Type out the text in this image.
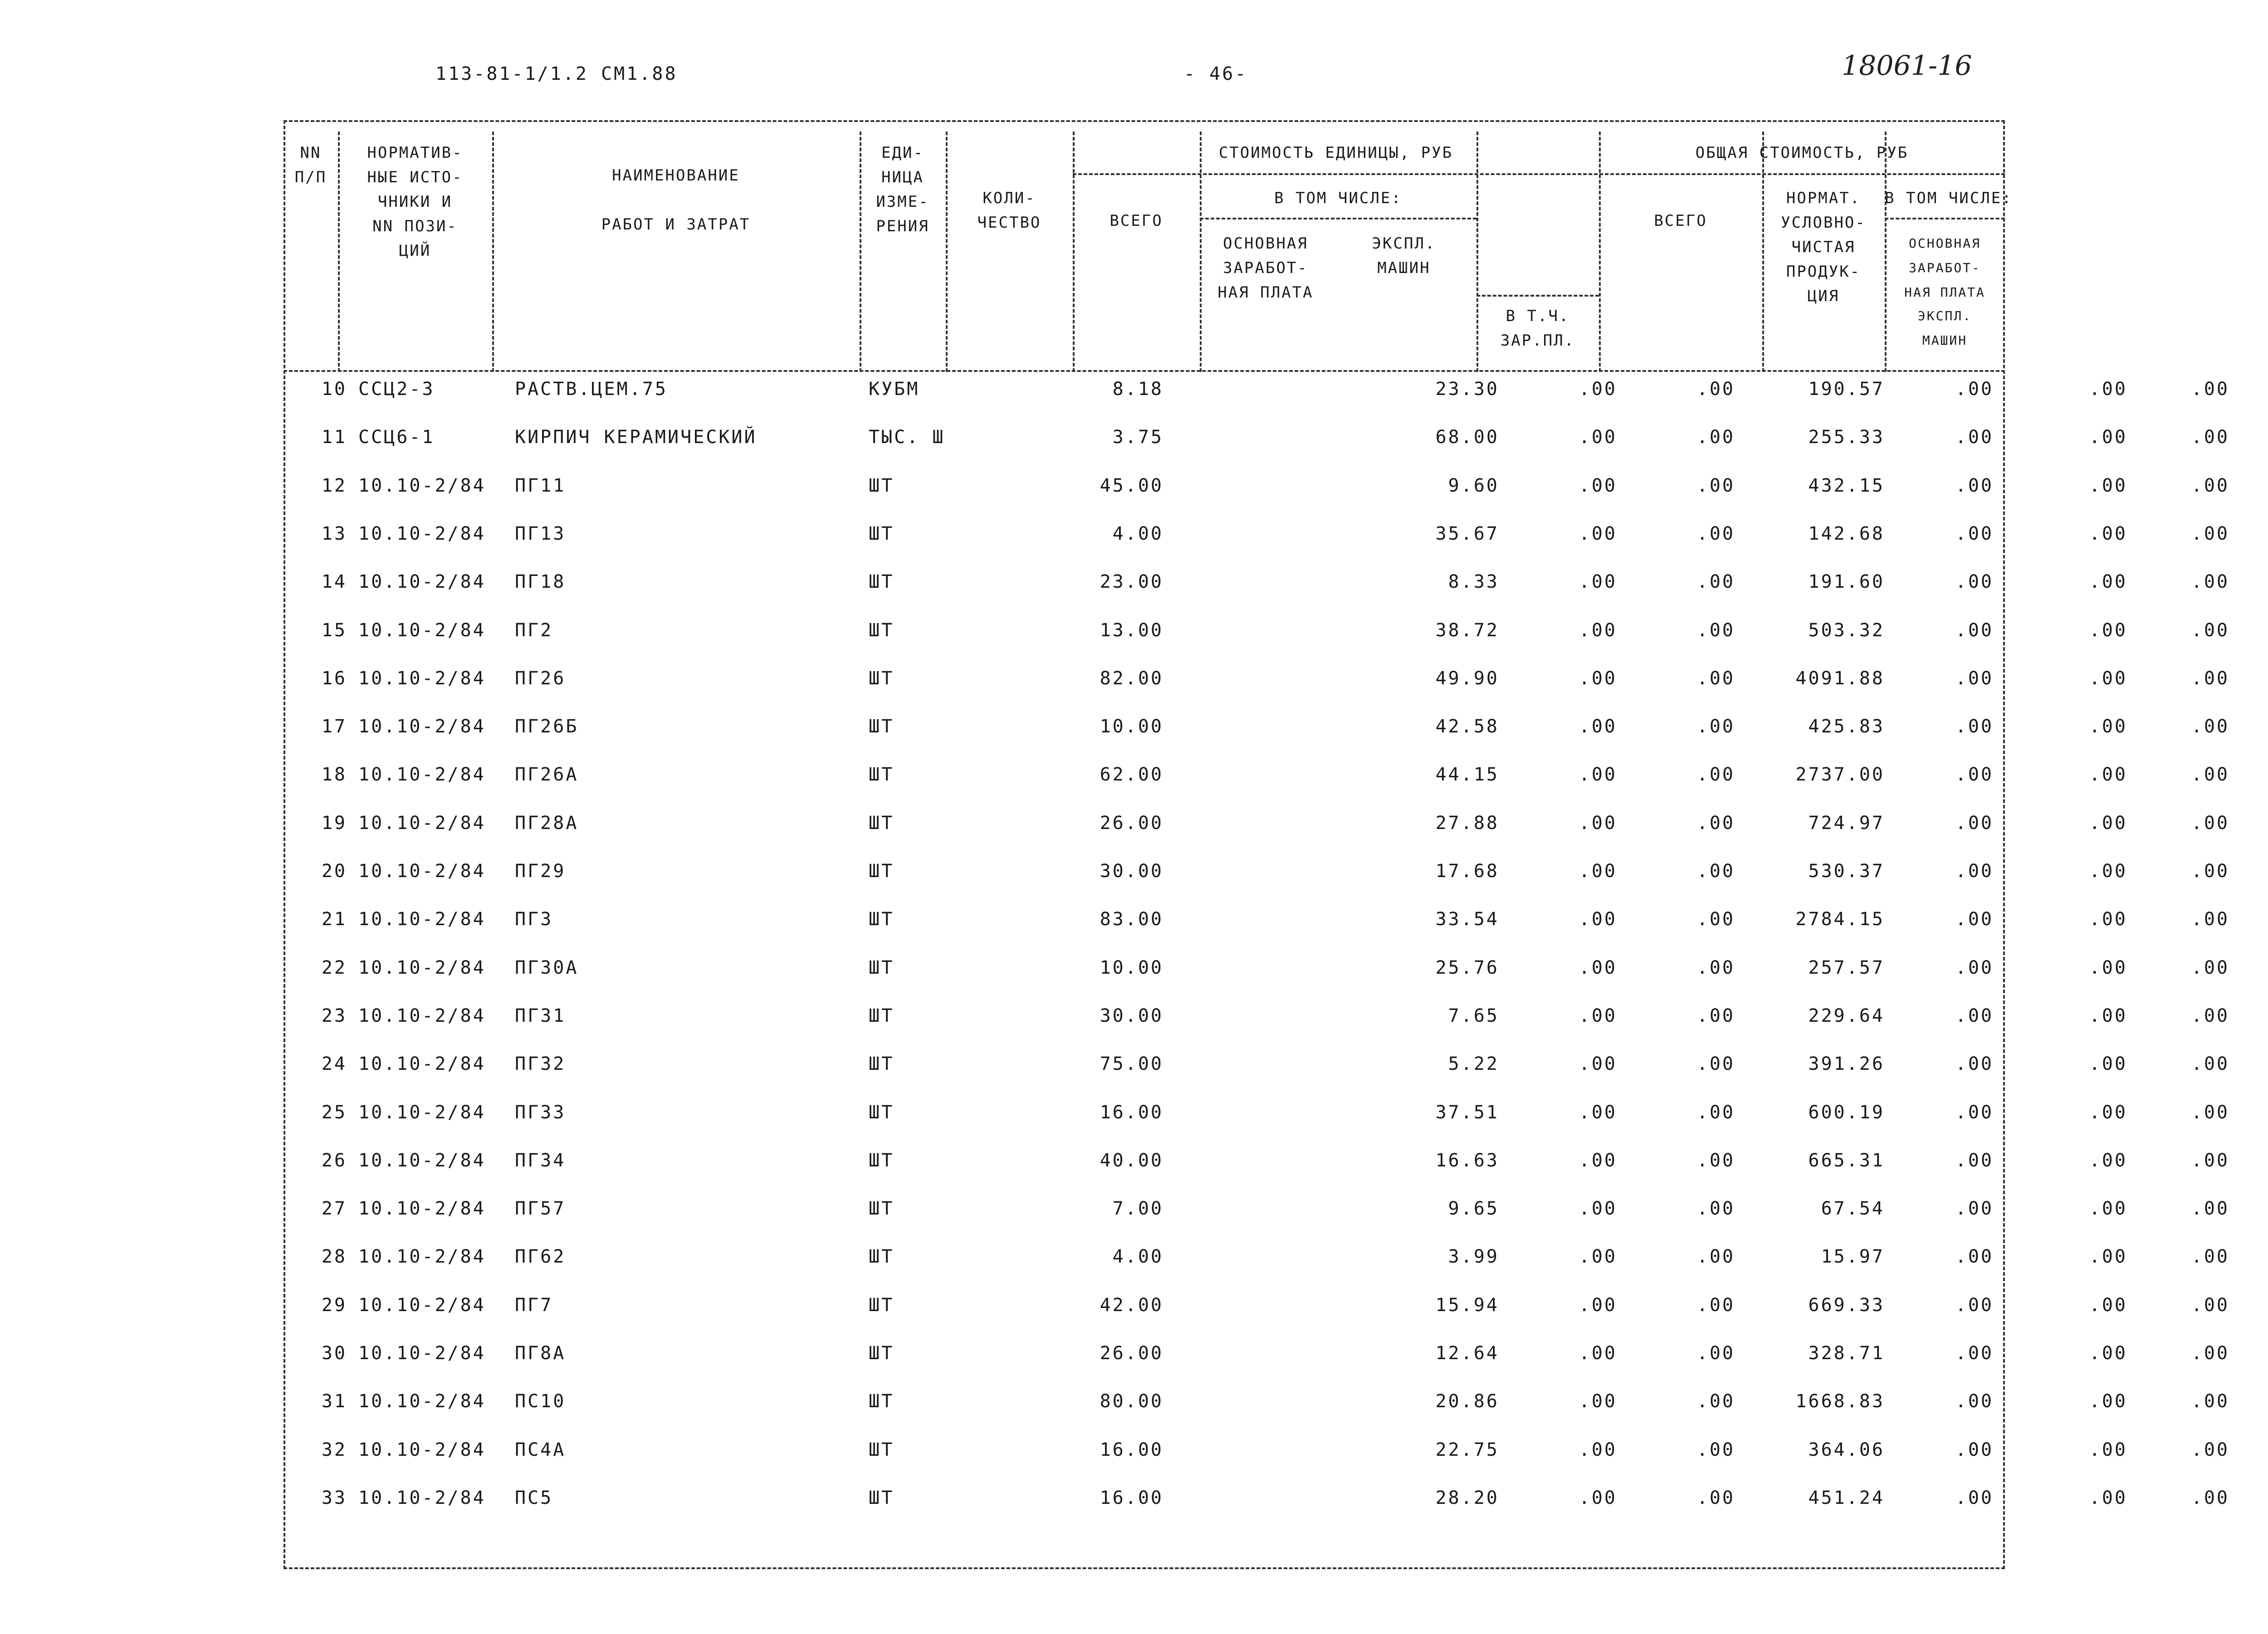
113-81-1/1.2 СМ1.88	- 46-	18061-16
NN
П/П
НОРМАТИВ-
НЫЕ ИСТО-
ЧНИКИ И
NN ПОЗИ-
ЦИЙ
НАИМЕНОВАНИЕ

РАБОТ И ЗАТРАТ
ЕДИ-
НИЦА
ИЗМЕ-
РЕНИЯ
КОЛИ-
ЧЕСТВО
СТОИМОСТЬ ЕДИНИЦЫ, РУБ
ВСЕГО
В ТОМ ЧИСЛЕ:
ОСНОВНАЯ
ЗАРАБОТ-
НАЯ ПЛАТА
ЭКСПЛ.
МАШИН
В Т.Ч.
ЗАР.ПЛ.
ОБЩАЯ СТОИМОСТЬ, РУБ
ВСЕГО
НОРМАТ.
УСЛОВНО-
ЧИСТАЯ
ПРОДУК-
ЦИЯ
В ТОМ ЧИСЛЕ:
ОСНОВНАЯ
ЗАРАБОТ-
НАЯ ПЛАТА
ЭКСПЛ.
МАШИН
10 ССЦ2-3	РАСТВ.ЦЕМ.75	КУБМ	8.18	23.30	.00	.00	190.57	.00	.00	.00
11 ССЦ6-1	КИРПИЧ КЕРАМИЧЕСКИЙ	ТЫС. Ш	3.75	68.00	.00	.00	255.33	.00	.00	.00
12 10.10-2/84 ПГ11	ШТ	45.00	9.60	.00	.00	432.15	.00	.00	.00
13 10.10-2/84 ПГ13	ШТ	4.00	35.67	.00	.00	142.68	.00	.00	.00
14 10.10-2/84 ПГ18	ШТ	23.00	8.33	.00	.00	191.60	.00	.00	.00
15 10.10-2/84 ПГ2	ШТ	13.00	38.72	.00	.00	503.32	.00	.00	.00
16 10.10-2/84 ПГ26	ШТ	82.00	49.90	.00	.00	4091.88	.00	.00	.00
17 10.10-2/84 ПГ26Б	ШТ	10.00	42.58	.00	.00	425.83	.00	.00	.00
18 10.10-2/84 ПГ26А	ШТ	62.00	44.15	.00	.00	2737.00	.00	.00	.00
19 10.10-2/84 ПГ28А	ШТ	26.00	27.88	.00	.00	724.97	.00	.00	.00
20 10.10-2/84 ПГ29	ШТ	30.00	17.68	.00	.00	530.37	.00	.00	.00
21 10.10-2/84 ПГ3	ШТ	83.00	33.54	.00	.00	2784.15	.00	.00	.00
22 10.10-2/84 ПГ30А	ШТ	10.00	25.76	.00	.00	257.57	.00	.00	.00
23 10.10-2/84 ПГ31	ШТ	30.00	7.65	.00	.00	229.64	.00	.00	.00
24 10.10-2/84 ПГ32	ШТ	75.00	5.22	.00	.00	391.26	.00	.00	.00
25 10.10-2/84 ПГ33	ШТ	16.00	37.51	.00	.00	600.19	.00	.00	.00
26 10.10-2/84 ПГ34	ШТ	40.00	16.63	.00	.00	665.31	.00	.00	.00
27 10.10-2/84 ПГ57	ШТ	7.00	9.65	.00	.00	67.54	.00	.00	.00
28 10.10-2/84 ПГ62	ШТ	4.00	3.99	.00	.00	15.97	.00	.00	.00
29 10.10-2/84 ПГ7	ШТ	42.00	15.94	.00	.00	669.33	.00	.00	.00
30 10.10-2/84 ПГ8А	ШТ	26.00	12.64	.00	.00	328.71	.00	.00	.00
31 10.10-2/84 ПС10	ШТ	80.00	20.86	.00	.00	1668.83	.00	.00	.00
32 10.10-2/84 ПС4А	ШТ	16.00	22.75	.00	.00	364.06	.00	.00	.00
33 10.10-2/84 ПС5	ШТ	16.00	28.20	.00	.00	451.24	.00	.00	.00
